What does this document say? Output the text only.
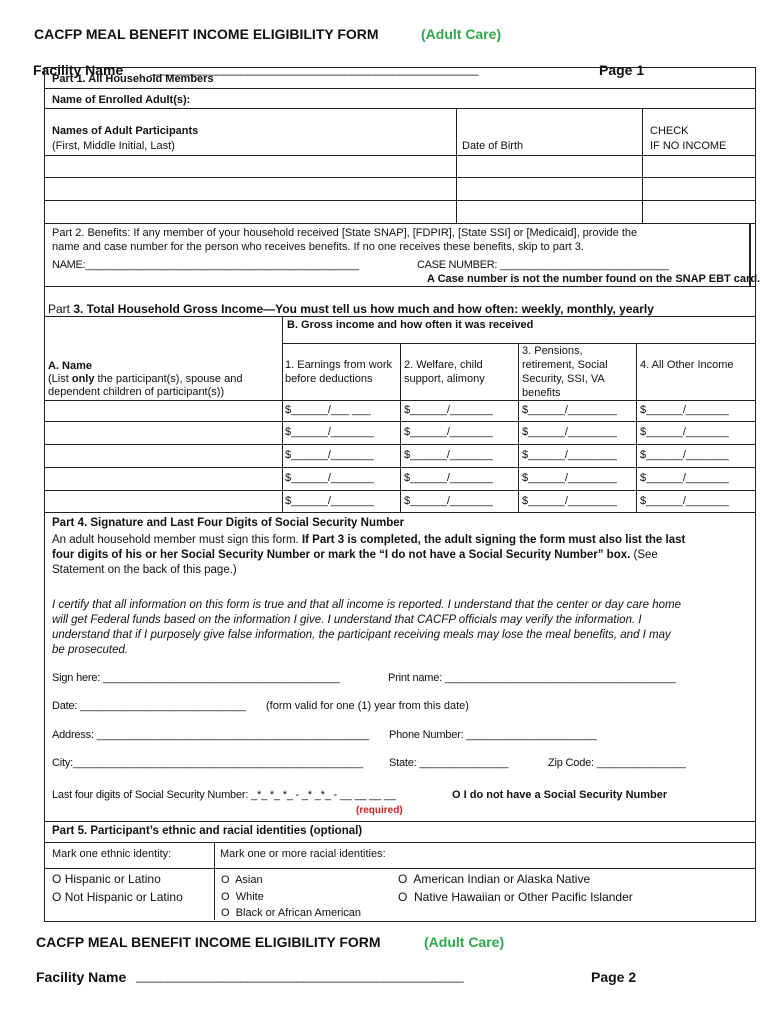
CACFP MEAL BENEFIT INCOME ELIGIBILITY FORM	(Adult Care)
Facility Name ______________________________________________________	Page 1
Part 1. All Household Members
Name of Enrolled Adult(s):
Names of Adult Participants
(First, Middle Initial, Last)	Date of Birth
CHECK
IF NO INCOME
Part 2. Benefits: If any member of your household received [State SNAP], [FDPIR], [State SSI] or [Medicaid], provide the
name and case number for the person who receives benefits. If no one receives these benefits, skip to part 3.
NAME:_______________________________________________	CASE NUMBER: _____________________________
A Case number is not the number found on the SNAP EBT card.
Part 3. Total Household Gross Income—You must tell us how much and how often: weekly, monthly, yearly
B. Gross income and how often it was received
A. Name
(List only the participant(s), spouse and
dependent children of participant(s))
1. Earnings from work
before deductions
2. Welfare, child
support, alimony
3. Pensions,
retirement, Social
Security, SSI, VA
benefits
4. All Other Income
$______/___ ___	$______/_______	$______/________ $______/_______
$______/_______	$______/_______	$______/________ $______/_______
$______/_______	$______/_______	$______/________ $______/_______
$______/_______	$______/_______	$______/________ $______/_______
$______/_______	$______/_______	$______/________ $______/_______
Part 4. Signature and Last Four Digits of Social Security Number
An adult household member must sign this form. If Part 3 is completed, the adult signing the form must also list the last
four digits of his or her Social Security Number or mark the “I do not have a Social Security Number” box. (See
Statement on the back of this page.)
I certify that all information on this form is true and that all income is reported. I understand that the center or day care home
will get Federal funds based on the information I give. I understand that CACFP officials may verify the information. I
understand that if I purposely give false information, the participant receiving meals may lose the meal benefits, and I may
be prosecuted.
Sign here: ________________________________________	Print name: _______________________________________
Date: ____________________________ (form valid for one (1) year from this date)
Address: ______________________________________________ Phone Number: ______________________
City:_________________________________________________ State: _______________	Zip Code: _______________
Last four digits of Social Security Number: _*_ *_ *_ - _* _*_ - __ __ __ __
(required)
O I do not have a Social Security Number
Part 5. Participant’s ethnic and racial identities (optional)
Mark one ethnic identity:	Mark one or more racial identities:
O Hispanic or Latino
O Not Hispanic or Latino
O Asian
O White
O Black or African American
O American Indian or Alaska Native
O Native Hawaiian or Other Pacific Islander
CACFP MEAL BENEFIT INCOME ELIGIBILITY FORM	(Adult Care)
Facility Name _____________________________________________________	Page 2
